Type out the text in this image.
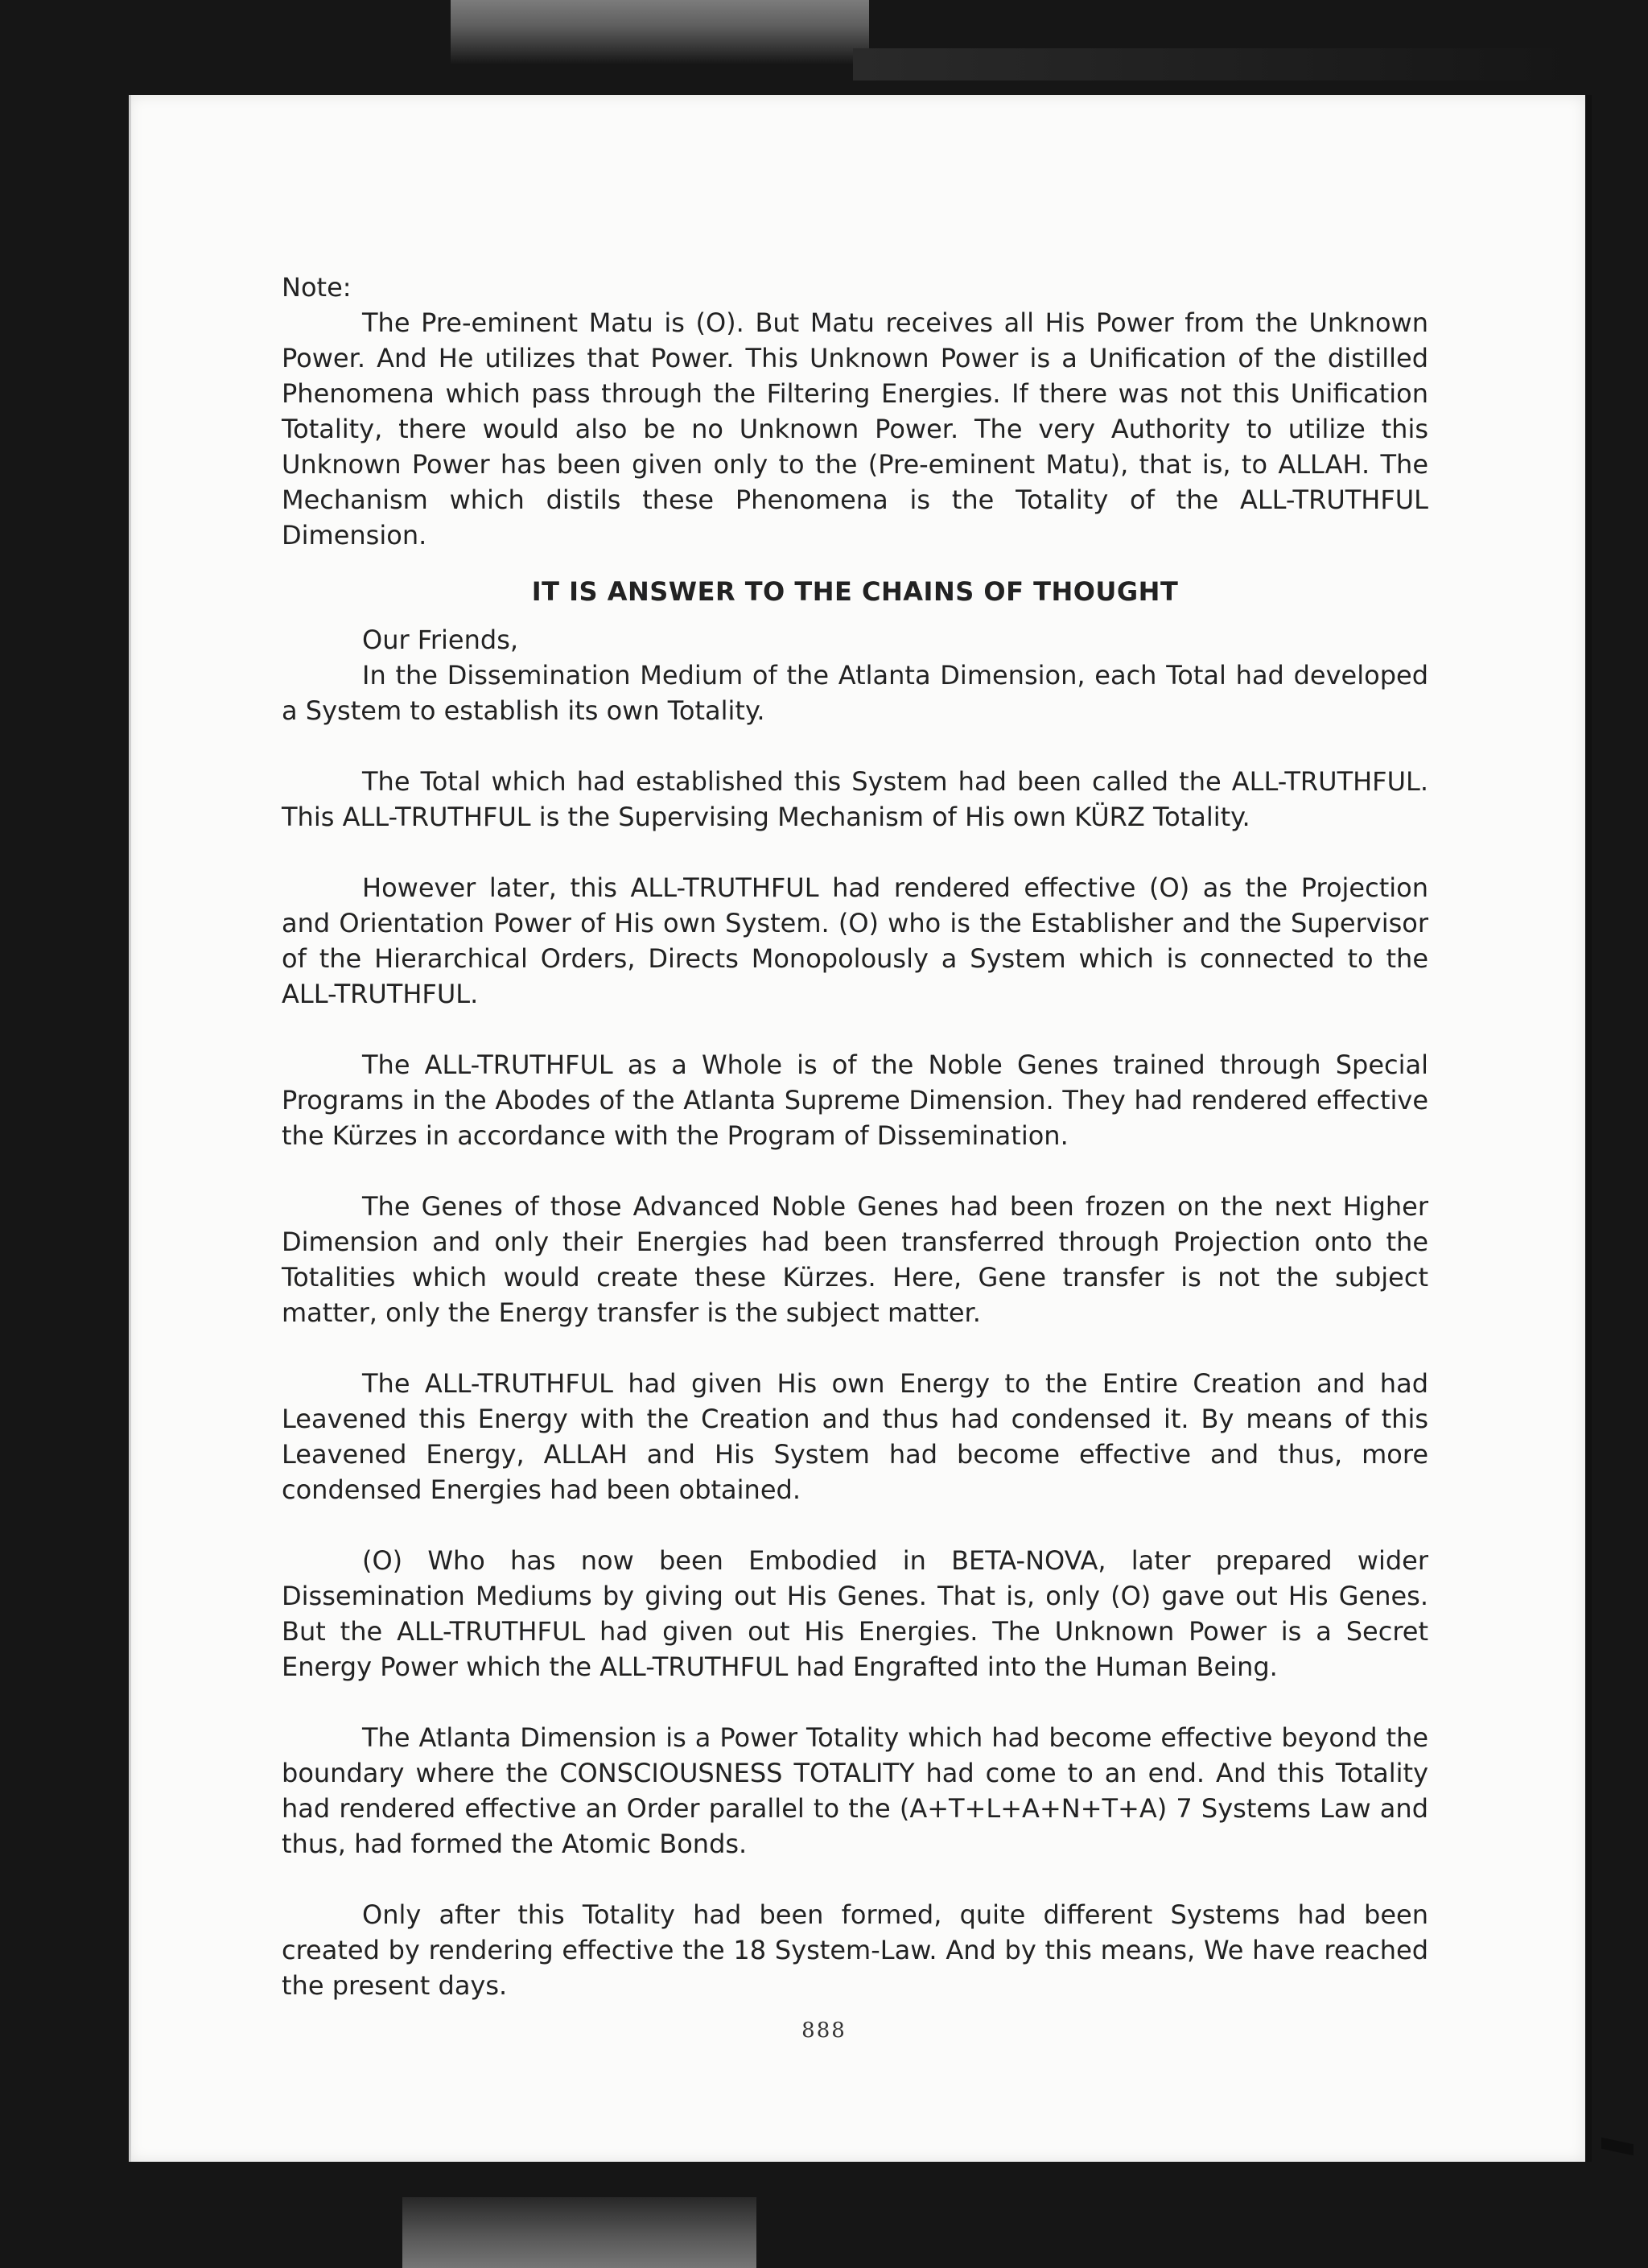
Note:

The Pre-eminent Matu is (O). But Matu receives all His Power from the Unknown Power. And He utilizes that Power. This Unknown Power is a Unification of the distilled Phenomena which pass through the Filtering Energies. If there was not this Unification Totality, there would also be no Unknown Power. The very Authority to utilize this Unknown Power has been given only to the (Pre-eminent Matu), that is, to ALLAH. The Mechanism which distils these Phenomena is the Totality of the ALL-TRUTHFUL Dimension.

IT IS ANSWER TO THE CHAINS OF THOUGHT

Our Friends,

In the Dissemination Medium of the Atlanta Dimension, each Total had developed a System to establish its own Totality.

The Total which had established this System had been called the ALL-TRUTHFUL. This ALL-TRUTHFUL is the Supervising Mechanism of His own KÜRZ Totality.

However later, this ALL-TRUTHFUL had rendered effective (O) as the Projection and Orientation Power of His own System. (O) who is the Establisher and the Supervisor of the Hierarchical Orders, Directs Monopolously a System which is connected to the ALL-TRUTHFUL.

The ALL-TRUTHFUL as a Whole is of the Noble Genes trained through Special Programs in the Abodes of the Atlanta Supreme Dimension. They had rendered effective the Kürzes in accordance with the Program of Dissemination.

The Genes of those Advanced Noble Genes had been frozen on the next Higher Dimension and only their Energies had been transferred through Projection onto the Totalities which would create these Kürzes. Here, Gene transfer is not the subject matter, only the Energy transfer is the subject matter.

The ALL-TRUTHFUL had given His own Energy to the Entire Creation and had Leavened this Energy with the Creation and thus had condensed it. By means of this Leavened Energy, ALLAH and His System had become effective and thus, more condensed Energies had been obtained.

(O) Who has now been Embodied in BETA-NOVA, later prepared wider Dissemination Mediums by giving out His Genes. That is, only (O) gave out His Genes. But the ALL-TRUTHFUL had given out His Energies. The Unknown Power is a Secret Energy Power which the ALL-TRUTHFUL had Engrafted into the Human Being.

The Atlanta Dimension is a Power Totality which had become effective beyond the boundary where the CONSCIOUSNESS TOTALITY had come to an end. And this Totality had rendered effective an Order parallel to the (A+T+L+A+N+T+A) 7 Systems Law and thus, had formed the Atomic Bonds.

Only after this Totality had been formed, quite different Systems had been created by rendering effective the 18 System-Law. And by this means, We have reached the present days.

888
